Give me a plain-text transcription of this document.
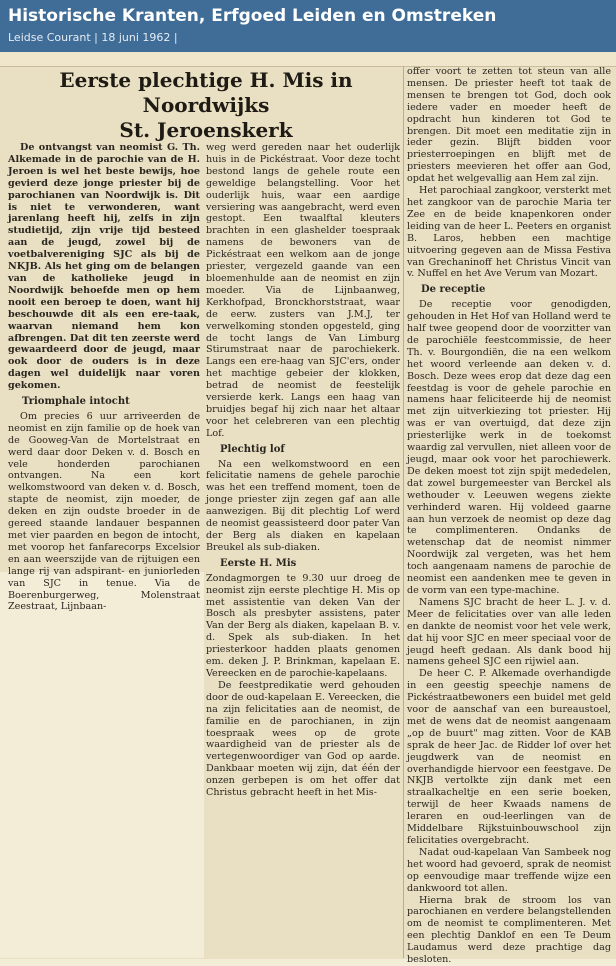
Historische Kranten, Erfgoed Leiden en Omstreken
Leidse Courant | 18 juni 1962 |
Eerste plechtige H. Mis in Noordwijks
St. Jeroenskerk

De ontvangst van neomist G. Th. Alkemade in de parochie van de H. Jeroen is wel het beste bewijs, hoe gevierd deze jonge priester bij de parochianen van Noordwijk is. Dit is niet te verwonderen, want jarenlang heeft hij, zelfs in zijn studietijd, zijn vrije tijd besteed aan de jeugd, zowel bij de voetbalvereniging SJC als bij de NKJB. Als het ging om de belangen van de katholieke jeugd in Noordwijk behoefde men op hem nooit een beroep te doen, want hij beschouwde dit als een ere-taak, waarvan niemand hem kon afbrengen. Dat dit ten zeerste werd gewaardeerd door de jeugd, maar ook door de ouders is in deze dagen wel duidelijk naar voren gekomen.

Triomphale intocht

Om precies 6 uur arriveerden de neomist en zijn familie op de hoek van de Gooweg-Van de Mortelstraat en werd daar door Deken v. d. Bosch en vele honderden parochianen ontvangen. Na een kort welkomstwoord van deken v. d. Bosch, stapte de neomist, zijn moeder, de deken en zijn oudste broeder in de gereed staande landauer bespannen met vier paarden en begon de intocht, met voorop het fanfarecorps Excelsior en aan weerszijde van de rijtuigen een lange rij van adspirant- en juniorleden van SJC in tenue. Via de Boerenburgerweg, Molenstraat Zeestraat, Lijnbaan-

weg werd gereden naar het ouderlijk huis in de Pickéstraat. Voor deze tocht bestond langs de gehele route een geweldige belangstelling. Voor het ouderlijk huis, waar een aardige versiering was aangebracht, werd even gestopt. Een twaalftal kleuters brachten in een glashelder toespraak namens de bewoners van de Pickéstraat een welkom aan de jonge priester, vergezeld gaande van een bloemenhulde aan de neomist en zijn moeder. Via de Lijnbaanweg, Kerkhofpad, Bronckhorststraat, waar de eerw. zusters van J.M.J, ter verwelkoming stonden opgesteld, ging de tocht langs de Van Limburg Stirumstraat naar de parochiekerk. Langs een ere-haag van SJC'ers, onder het machtige gebeier der klokken, betrad de neomist de feestelijk versierde kerk. Langs een haag van bruidjes begaf hij zich naar het altaar voor het celebreren van een plechtig Lof.

Plechtig lof

Na een welkomstwoord en een felicitatie namens de gehele parochie was het een treffend moment, toen de jonge priester zijn zegen gaf aan alle aanwezigen. Bij dit plechtig Lof werd de neomist geassisteerd door pater Van der Berg als diaken en kapelaan Breukel als sub-diaken.

Eerste H. Mis

Zondagmorgen te 9.30 uur droeg de neomist zijn eerste plechtige H. Mis op met assistentie van deken Van der Bosch als presbyter assistens, pater Van der Berg als diaken, kapelaan B. v. d. Spek als sub-diaken. In het priesterkoor hadden plaats genomen em. deken J. P. Brinkman, kapelaan E. Vereecken en de parochie-kapelaans.

De feestpredikatie werd gehouden door de oud-kapelaan E. Vereecken, die na zijn felicitaties aan de neomist, de familie en de parochianen, in zijn toespraak wees op de grote waardigheid van de priester als de vertegenwoordiger van God op aarde. Dankbaar moeten wij zijn, dat één der onzen gerbepen is om het offer dat Christus gebracht heeft in het Mis-

offer voort te zetten tot steun van alle mensen. De priester heeft tot taak de mensen te brengen tot God, doch ook iedere vader en moeder heeft de opdracht hun kinderen tot God te brengen. Dit moet een meditatie zijn in ieder gezin. Blijft bidden voor priesterroepingen en blijft met de priesters meevieren het offer aan God, opdat het welgevallig aan Hem zal zijn.

Het parochiaal zangkoor, versterkt met het zangkoor van de parochie Maria ter Zee en de beide knapenkoren onder leiding van de heer L. Peeters en organist B. Laros, hebben een machtige uitvoering gegeven aan de Missa Festiva van Grechaninoff het Christus Vincit van v. Nuffel en het Ave Verum van Mozart.

De receptie

De receptie voor genodigden, gehouden in Het Hof van Holland werd te half twee geopend door de voorzitter van de parochiële feestcommissie, de heer Th. v. Bourgondiën, die na een welkom het woord verleende aan deken v. d. Bosch. Deze wees erop dat deze dag een feestdag is voor de gehele parochie en namens haar feliciteerde hij de neomist met zijn uitverkiezing tot priester. Hij was er van overtuigd, dat deze zijn priesterlijke werk in de toekomst waardig zal vervullen, niet alleen voor de jeugd, maar ook voor het parochiewerk. De deken moest tot zijn spijt mededelen, dat zowel burgemeester van Berckel als wethouder v. Leeuwen wegens ziekte verhinderd waren. Hij voldeed gaarne aan hun verzoek de neomist op deze dag te complimenteren. Ondanks de wetenschap dat de neomist nimmer Noordwijk zal vergeten, was het hem toch aangenaam namens de parochie de neomist een aandenken mee te geven in de vorm van een type-machine.

Namens SJC bracht de heer L. J. v. d. Meer de felicitaties over van alle leden en dankte de neomist voor het vele werk, dat hij voor SJC en meer speciaal voor de jeugd heeft gedaan. Als dank bood hij namens geheel SJC een rijwiel aan.

De heer C. P. Alkemade overhandigde in een geestig speechje namens de Pickéstraatbewoners een buidel met geld voor de aanschaf van een bureaustoel, met de wens dat de neomist aangenaam „op de buurt" mag zitten. Voor de KAB sprak de heer Jac. de Ridder lof over het jeugdwerk van de neomist en overhandigde hiervoor een feestgave. De NKJB vertolkte zijn dank met een straalkacheltje en een serie boeken, terwijl de heer Kwaads namens de leraren en oud-leerlingen van de Middelbare Rijkstuinbouwschool zijn felicitaties overgebracht.

Nadat oud-kapelaan Van Sambeek nog het woord had gevoerd, sprak de neomist op eenvoudige maar treffende wijze een dankwoord tot allen.

Hierna brak de stroom los van parochianen en verdere belangstellenden om de neomist te complimenteren. Met een plechtig Danklof en een Te Deum Laudamus werd deze prachtige dag besloten.
